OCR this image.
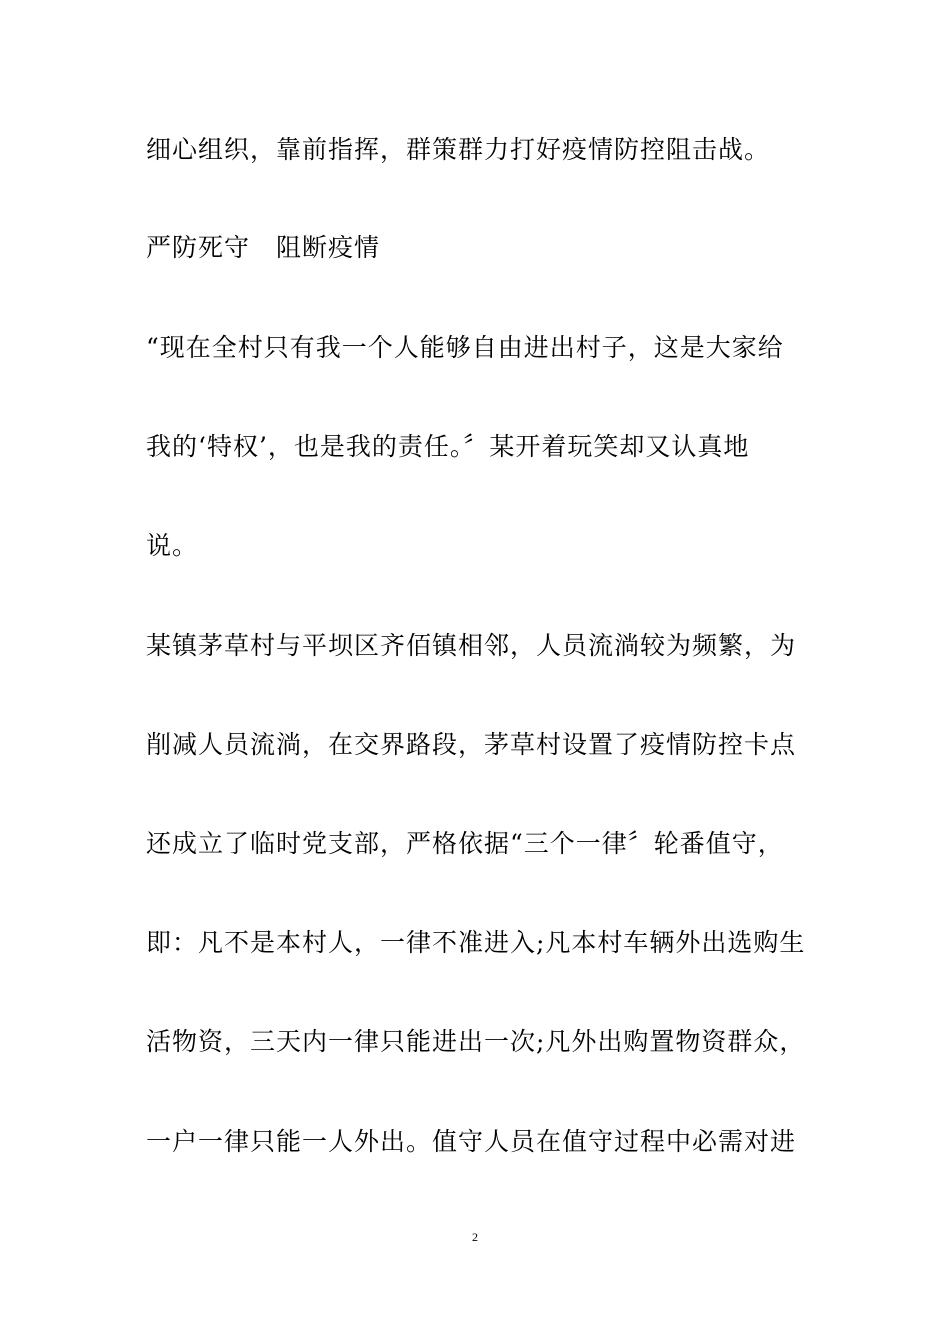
细心组织，靠前指挥，群策群力打好疫情防控阻击战。
严防死守　阻断疫情
“现在全村只有我一个人能够自由进出村子，这是大家给
我的‘特权’，也是我的责任。〞某开着玩笑却又认真地
说。
某镇茅草村与平坝区齐佰镇相邻，人员流淌较为频繁，为
削减人员流淌，在交界路段，茅草村设置了疫情防控卡点
还成立了临时党支部，严格依据“三个一律〞轮番值守，
即：凡不是本村人，一律不准进入;凡本村车辆外出选购生
活物资，三天内一律只能进出一次;凡外出购置物资群众，
一户一律只能一人外出。值守人员在值守过程中必需对进
2
